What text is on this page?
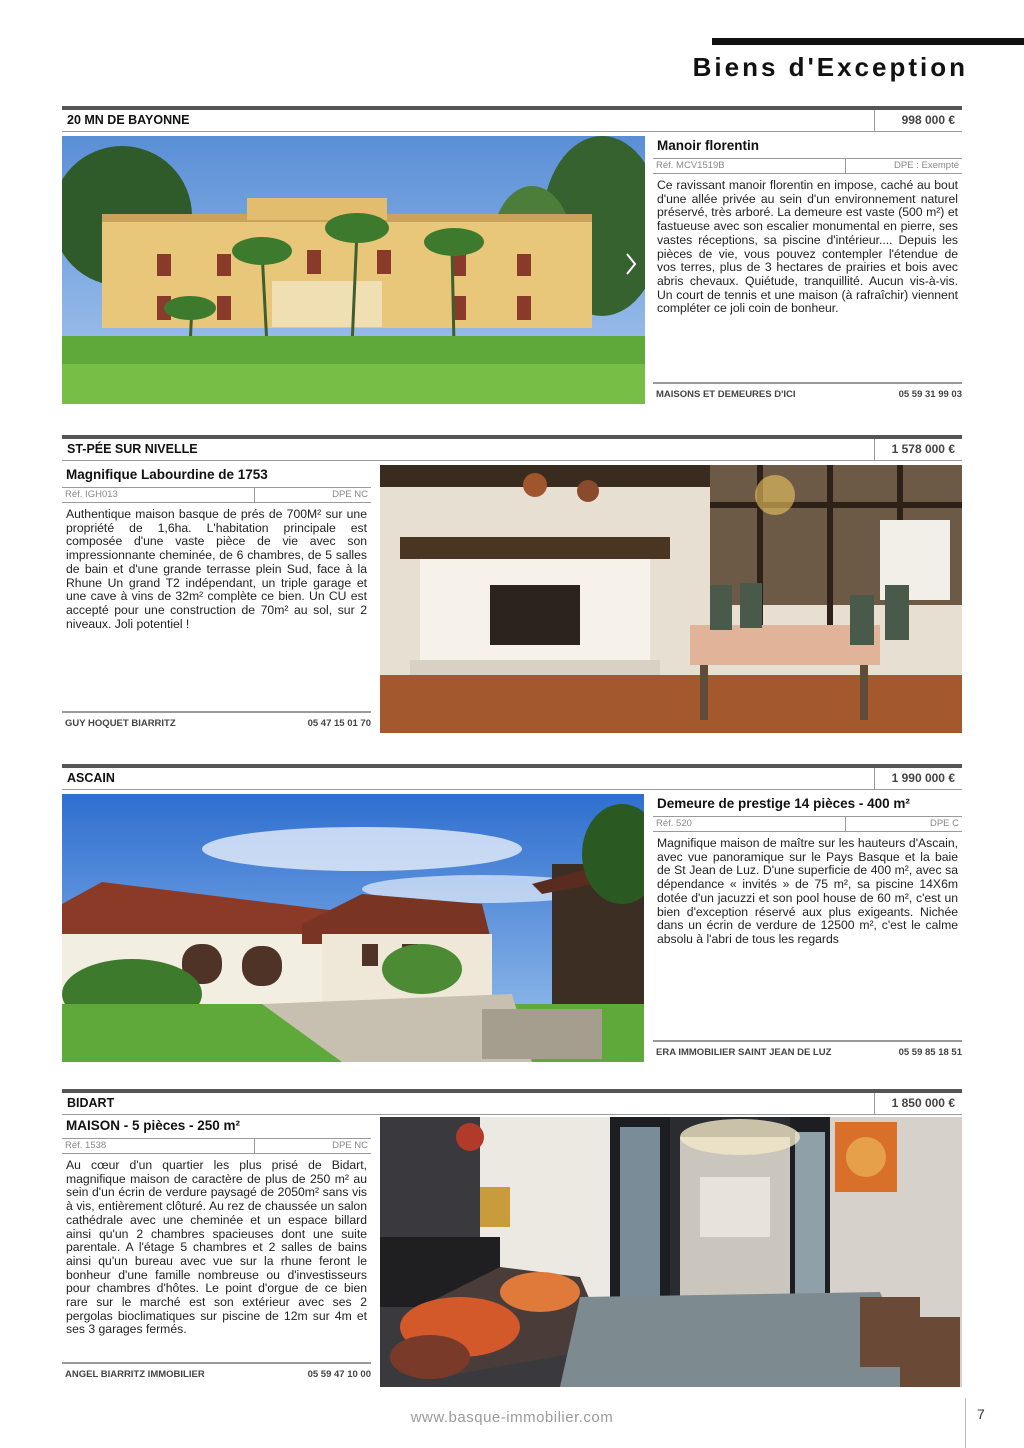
Biens d'Exception
20 MN DE BAYONNE	998 000 €
Manoir florentin
Réf. MCV1519B	DPE : Exempté
Ce ravissant manoir florentin en impose, caché au bout d'une allée privée au sein d'un environnement naturel préservé, très arboré. La demeure est vaste (500 m²) et fastueuse avec son escalier monumental en pierre, ses vastes réceptions, sa piscine d'intérieur.... Depuis les pièces de vie, vous pouvez contempler l'étendue de vos terres, plus de 3 hectares de prairies et bois avec abris chevaux. Quiétude, tranquillité. Aucun vis-à-vis. Un court de tennis et une maison (à rafraîchir) viennent compléter ce joli coin de bonheur.
MAISONS ET DEMEURES D'ICI	05 59 31 99 03
ST-PÉE SUR NIVELLE	1 578 000 €
Magnifique Labourdine de 1753
Réf. IGH013	DPE NC
Authentique maison basque de prés de 700M² sur une propriété de 1,6ha. L'habitation principale est composée d'une vaste pièce de vie avec son impressionnante cheminée, de 6 chambres, de 5 salles de bain et d'une grande terrasse plein Sud, face à la Rhune Un grand T2 indépendant, un triple garage et une cave à vins de 32m² complète ce bien. Un CU est accepté pour une construction de 70m² au sol, sur 2 niveaux. Joli potentiel !
GUY HOQUET BIARRITZ	05 47 15 01 70
ASCAIN	1 990 000 €
Demeure de prestige 14 pièces - 400 m²
Réf. 520	DPE C
Magnifique maison de maître sur les hauteurs d'Ascain, avec vue panoramique sur le Pays Basque et la baie de St Jean de Luz. D'une superficie de 400 m², avec sa dépendance « invités » de 75 m², sa piscine 14X6m dotée d'un jacuzzi et son pool house de 60 m², c'est un bien d'exception réservé aux plus exigeants. Nichée dans un écrin de verdure de 12500 m², c'est le calme absolu à l'abri de tous les regards
ERA IMMOBILIER SAINT JEAN DE LUZ	05 59 85 18 51
BIDART	1 850 000 €
MAISON - 5 pièces - 250 m²
Réf. 1538	DPE NC
Au cœur d'un quartier les plus prisé de Bidart, magnifique maison de caractère de plus de 250 m² au sein d'un écrin de verdure paysagé de 2050m² sans vis à vis, entièrement clôturé. Au rez de chaussée un salon cathédrale avec une cheminée et un espace billard ainsi qu'un 2 chambres spacieuses dont une suite parentale. A l'étage 5 chambres et 2 salles de bains ainsi qu'un bureau avec vue sur la rhune feront le bonheur d'une famille nombreuse ou d'investisseurs pour chambres d'hôtes. Le point d'orgue de ce bien rare sur le marché est son extérieur avec ses 2 pergolas bioclimatiques sur piscine de 12m sur 4m et ses 3 garages fermés.
ANGEL BIARRITZ IMMOBILIER	05 59 47 10 00
www.basque-immobilier.com	7
